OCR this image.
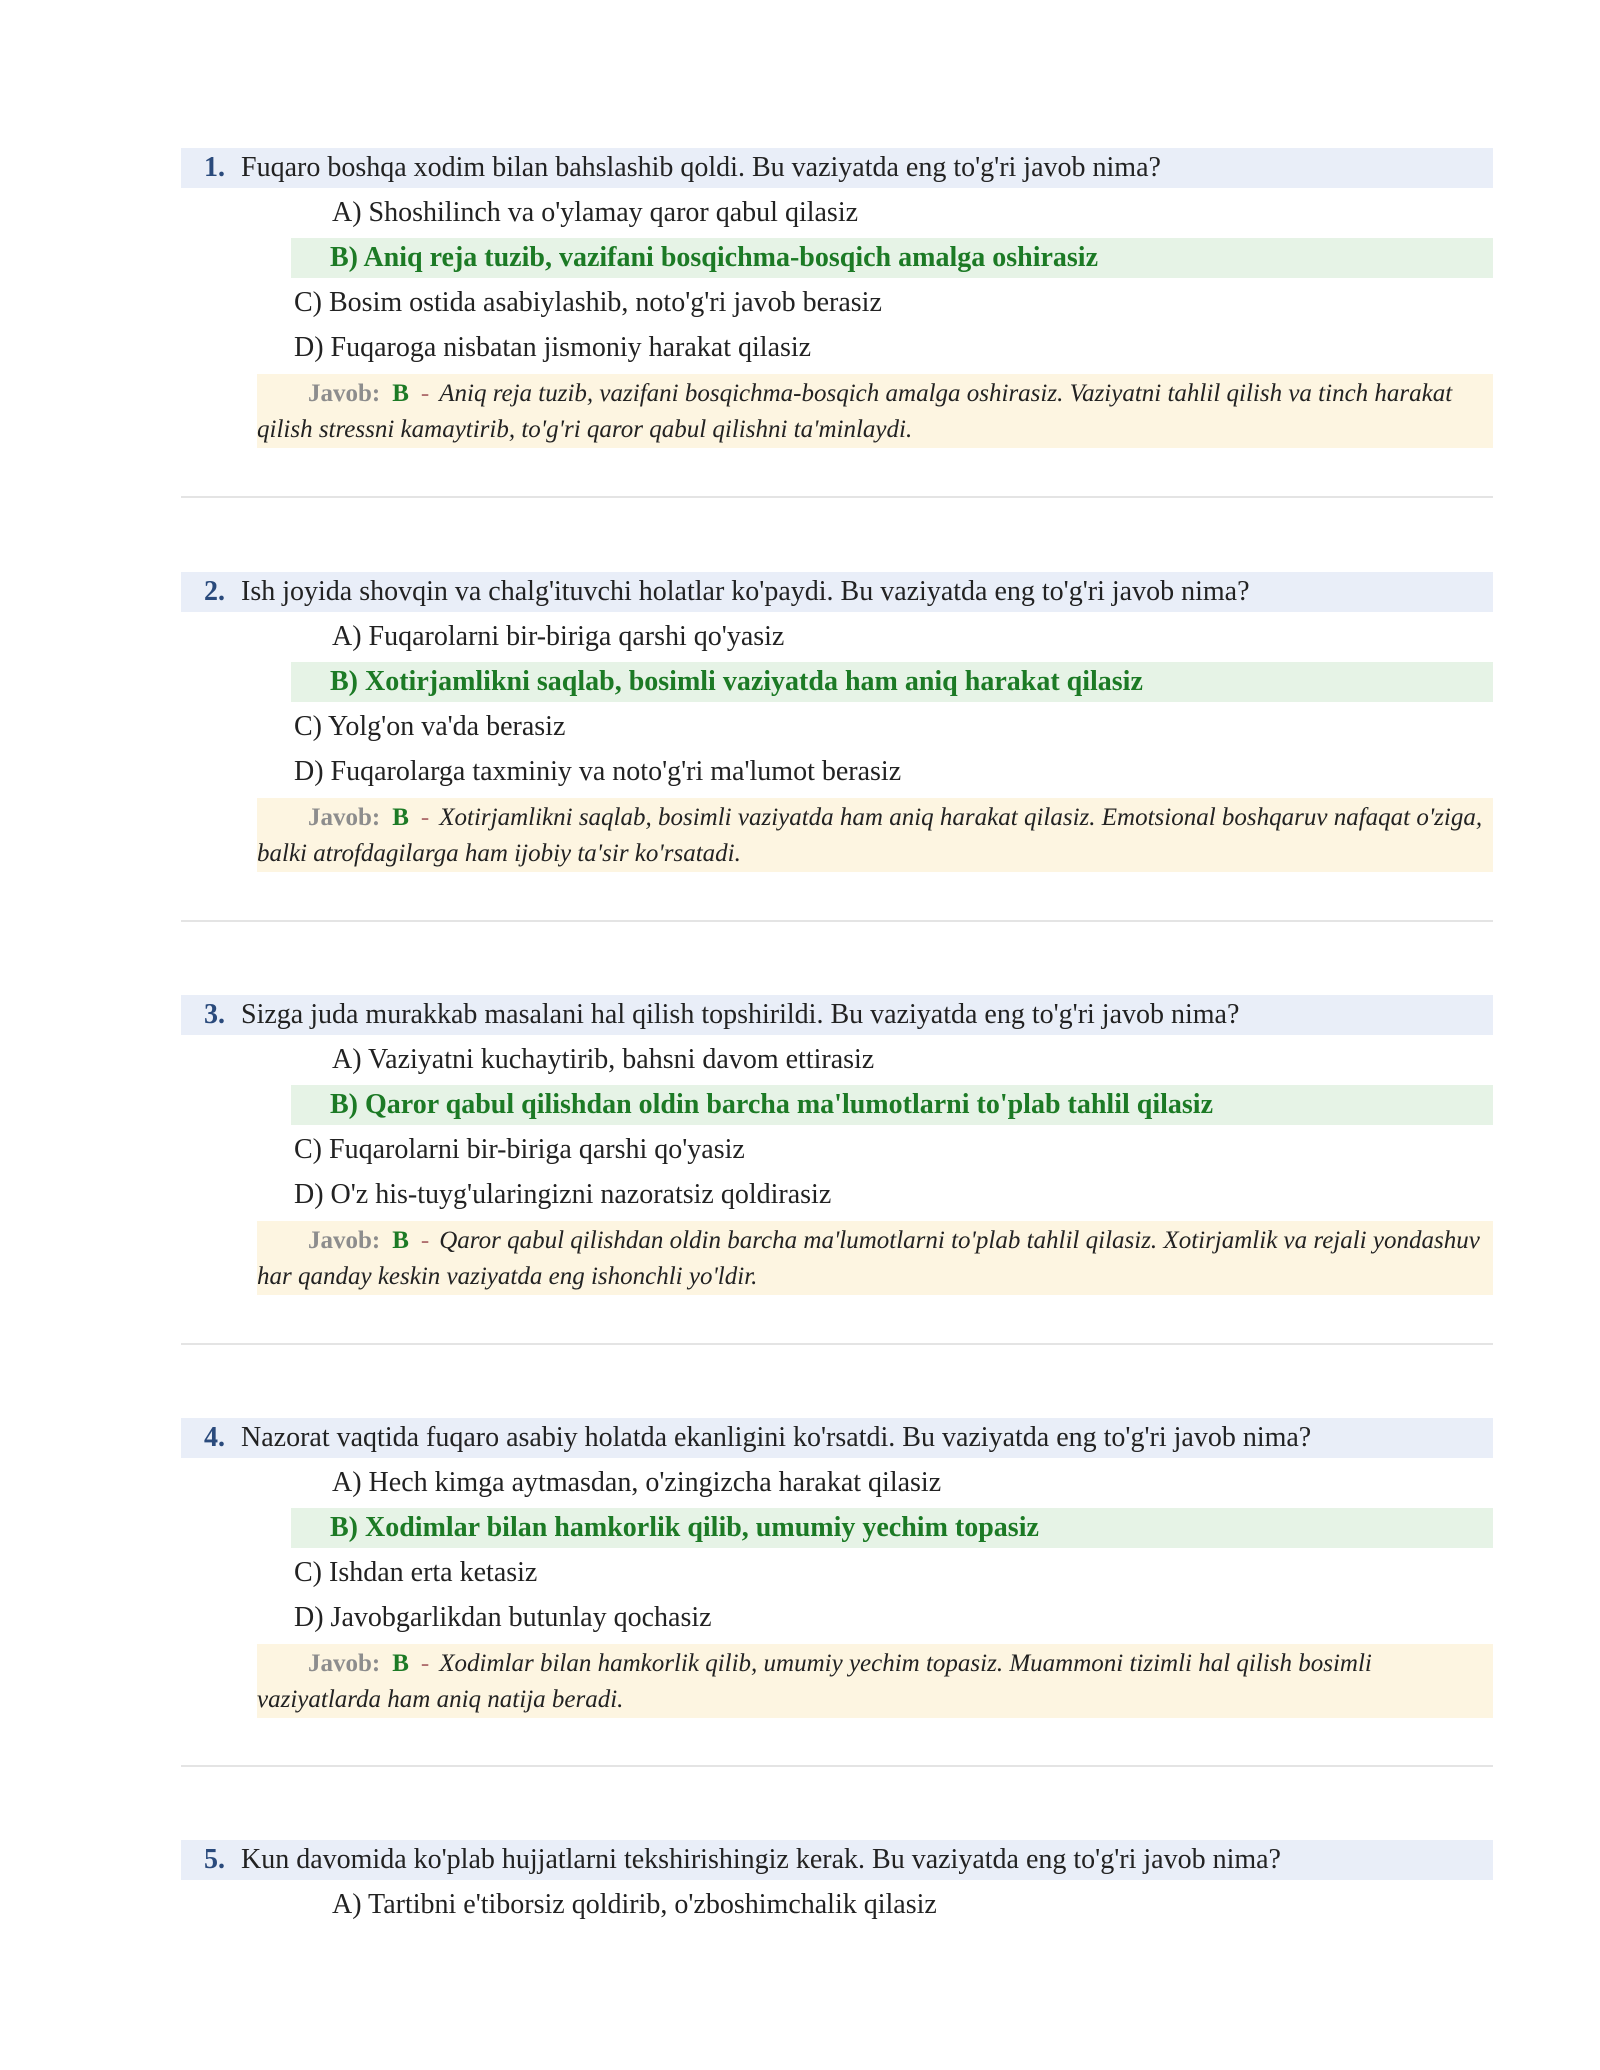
1. Fuqaro boshqa xodim bilan bahslashib qoldi. Bu vaziyatda eng to'g'ri javob nima?
A) Shoshilinch va o'ylamay qaror qabul qilasiz
B) Aniq reja tuzib, vazifani bosqichma-bosqich amalga oshirasiz
C) Bosim ostida asabiylashib, noto'g'ri javob berasiz
D) Fuqaroga nisbatan jismoniy harakat qilasiz
Javob: B - Aniq reja tuzib, vazifani bosqichma-bosqich amalga oshirasiz. Vaziyatni tahlil qilish va tinch harakat qilish stressni kamaytirib, to'g'ri qaror qabul qilishni ta'minlaydi.
2. Ish joyida shovqin va chalg'ituvchi holatlar ko'paydi. Bu vaziyatda eng to'g'ri javob nima?
A) Fuqarolarni bir-biriga qarshi qo'yasiz
B) Xotirjamlikni saqlab, bosimli vaziyatda ham aniq harakat qilasiz
C) Yolg'on va'da berasiz
D) Fuqarolarga taxminiy va noto'g'ri ma'lumot berasiz
Javob: B - Xotirjamlikni saqlab, bosimli vaziyatda ham aniq harakat qilasiz. Emotsional boshqaruv nafaqat o'ziga, balki atrofdagilarga ham ijobiy ta'sir ko'rsatadi.
3. Sizga juda murakkab masalani hal qilish topshirildi. Bu vaziyatda eng to'g'ri javob nima?
A) Vaziyatni kuchaytirib, bahsni davom ettirasiz
B) Qaror qabul qilishdan oldin barcha ma'lumotlarni to'plab tahlil qilasiz
C) Fuqarolarni bir-biriga qarshi qo'yasiz
D) O'z his-tuyg'ularingizni nazoratsiz qoldirasiz
Javob: B - Qaror qabul qilishdan oldin barcha ma'lumotlarni to'plab tahlil qilasiz. Xotirjamlik va rejali yondashuv har qanday keskin vaziyatda eng ishonchli yo'ldir.
4. Nazorat vaqtida fuqaro asabiy holatda ekanligini ko'rsatdi. Bu vaziyatda eng to'g'ri javob nima?
A) Hech kimga aytmasdan, o'zingizcha harakat qilasiz
B) Xodimlar bilan hamkorlik qilib, umumiy yechim topasiz
C) Ishdan erta ketasiz
D) Javobgarlikdan butunlay qochasiz
Javob: B - Xodimlar bilan hamkorlik qilib, umumiy yechim topasiz. Muammoni tizimli hal qilish bosimli vaziyatlarda ham aniq natija beradi.
5. Kun davomida ko'plab hujjatlarni tekshirishingiz kerak. Bu vaziyatda eng to'g'ri javob nima?
A) Tartibni e'tiborsiz qoldirib, o'zboshimchalik qilasiz
